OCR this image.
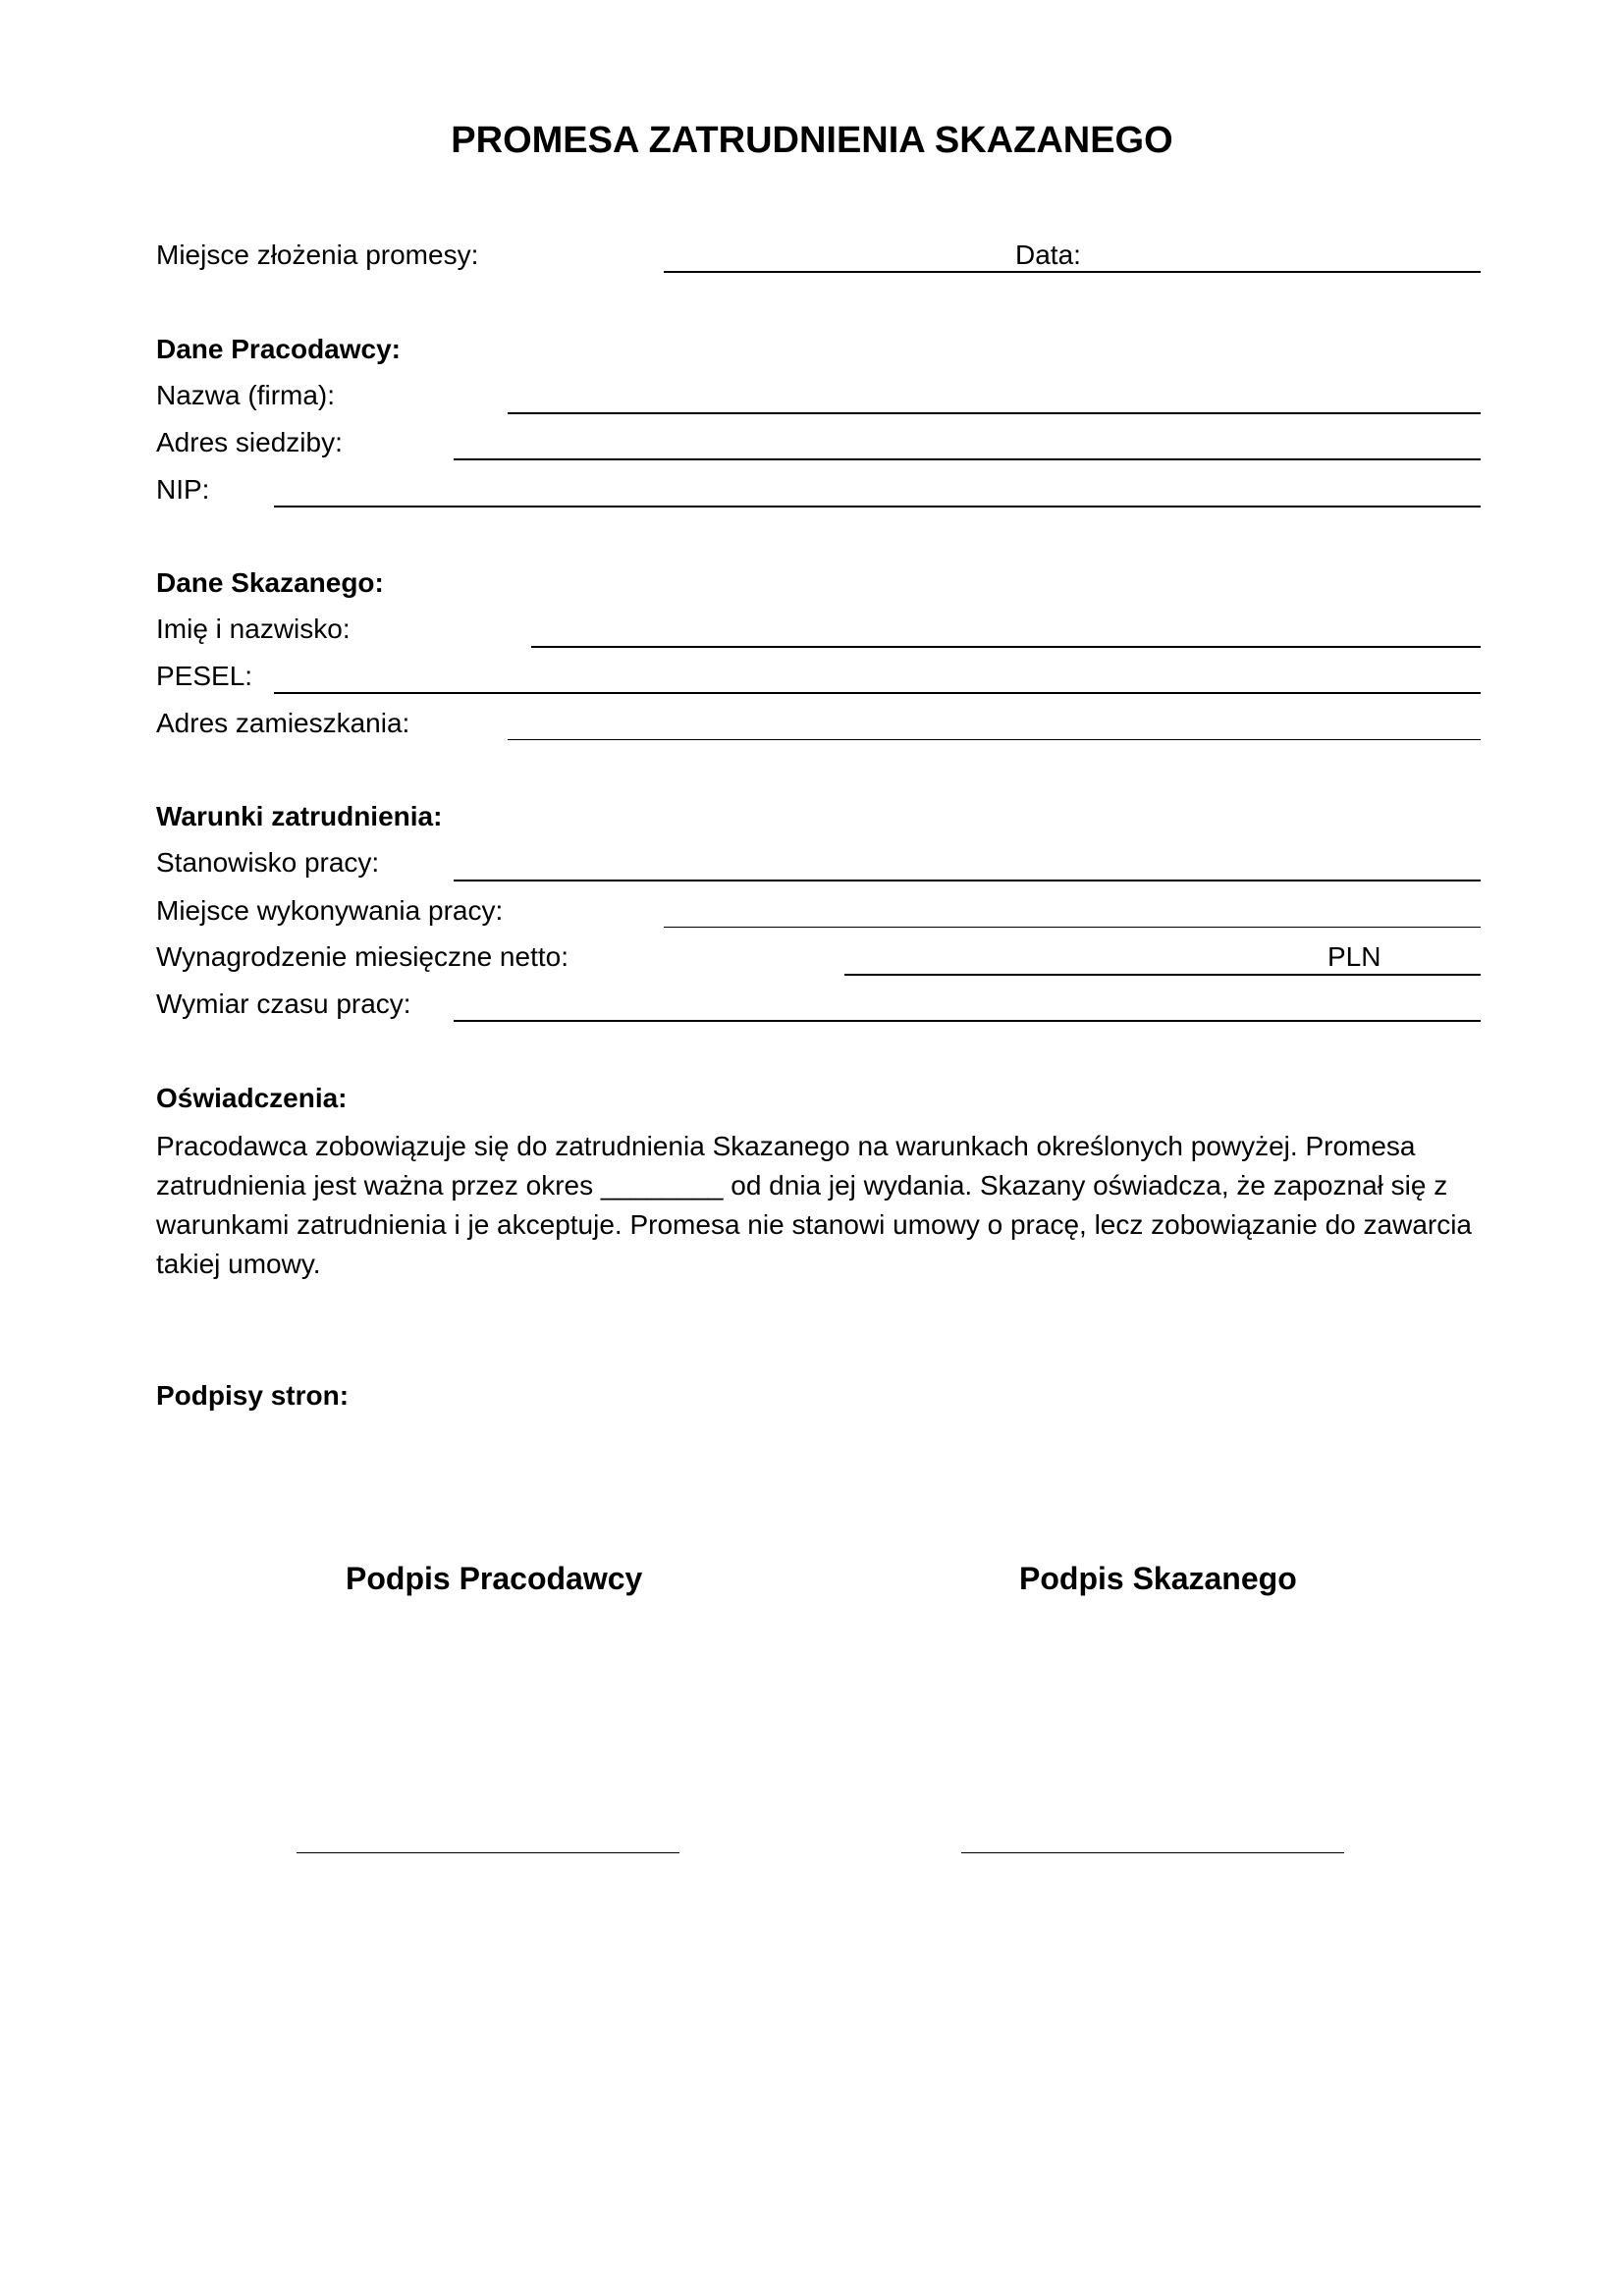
PROMESA ZATRUDNIENIA SKAZANEGO
Miejsce złożenia promesy:	Data:
Dane Pracodawcy:
Nazwa (firma):
Adres siedziby:
NIP:
Dane Skazanego:
Imię i nazwisko:
PESEL:
Adres zamieszkania:
Warunki zatrudnienia:
Stanowisko pracy:
Miejsce wykonywania pracy:
Wynagrodzenie miesięczne netto:	PLN
Wymiar czasu pracy:
Oświadczenia:
Pracodawca zobowiązuje się do zatrudnienia Skazanego na warunkach określonych powyżej. Promesa zatrudnienia jest ważna przez okres ________ od dnia jej wydania. Skazany oświadcza, że zapoznał się z warunkami zatrudnienia i je akceptuje. Promesa nie stanowi umowy o pracę, lecz zobowiązanie do zawarcia takiej umowy.
Podpisy stron:
Podpis Pracodawcy	Podpis Skazanego
